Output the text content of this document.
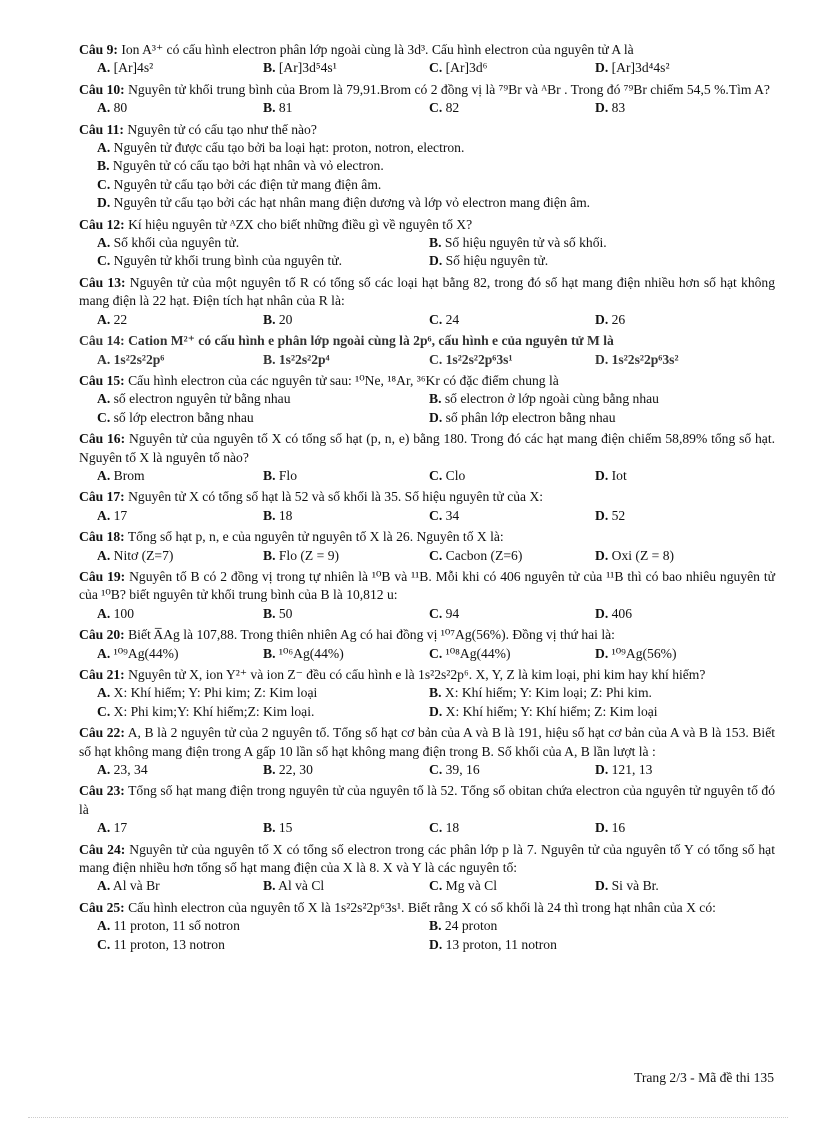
Câu 9: Ion A³⁺ có cấu hình electron phân lớp ngoài cùng là 3d³. Cấu hình electron của nguyên tử A là
A. [Ar]4s²	B. [Ar]3d⁵4s¹	C. [Ar]3d⁶	D. [Ar]3d⁴4s²
Câu 10: Nguyên tử khối trung bình của Brom là 79,91.Brom có 2 đồng vị là ⁷⁹Br và ᴬBr . Trong đó ⁷⁹Br chiếm 54,5 %.Tìm A?
A. 80	B. 81	C. 82	D. 83
Câu 11: Nguyên tử có cấu tạo như thế nào?
A. Nguyên tử được cấu tạo bởi ba loại hạt: proton, notron, electron.
B. Nguyên tử có cấu tạo bởi hạt nhân và vỏ electron.
C. Nguyên tử cấu tạo bởi các điện tử mang điện âm.
D. Nguyên tử cấu tạo bởi các hạt nhân mang điện dương và lớp vỏ electron mang điện âm.
Câu 12: Kí hiệu nguyên tử ᴬZX cho biết những điều gì về nguyên tố X?
A. Số khối của nguyên tử.	B. Số hiệu nguyên tử và số khối.
C. Nguyên tử khối trung bình của nguyên tử.	D. Số hiệu nguyên tử.
Câu 13: Nguyên tử của một nguyên tố R có tổng số các loại hạt bằng 82, trong đó số hạt mang điện nhiều hơn số hạt không mang điện là 22 hạt. Điện tích hạt nhân của R là:
A. 22	B. 20	C. 24	D. 26
Câu 14: Cation M²⁺ có cấu hình e phân lớp ngoài cùng là 2p⁶, cấu hình e của nguyên tử M là
A. 1s²2s²2p⁶	B. 1s²2s²2p⁴	C. 1s²2s²2p⁶3s¹	D. 1s²2s²2p⁶3s²
Câu 15: Cấu hình electron của các nguyên tử sau: ¹⁰Ne, ¹⁸Ar, ³⁶Kr có đặc điểm chung là
A. số electron nguyên tử bằng nhau	B. số electron ở lớp ngoài cùng bằng nhau
C. số lớp electron bằng nhau	D. số phân lớp electron bằng nhau
Câu 16: Nguyên tử của nguyên tố X có tổng số hạt (p, n, e) bằng 180. Trong đó các hạt mang điện chiếm 58,89% tổng số hạt. Nguyên tố X là nguyên tố nào?
A. Brom	B. Flo	C. Clo	D. Iot
Câu 17: Nguyên tử X có tổng số hạt là 52 và số khối là 35. Số hiệu nguyên tử của X:
A. 17	B. 18	C. 34	D. 52
Câu 18: Tổng số hạt p, n, e của nguyên tử nguyên tố X là 26. Nguyên tố X là:
A. Nitơ (Z=7)	B. Flo (Z = 9)	C. Cacbon (Z=6)	D. Oxi (Z = 8)
Câu 19: Nguyên tố B có 2 đồng vị trong tự nhiên là ¹⁰B và ¹¹B. Mỗi khi có 406 nguyên tử của ¹¹B thì có bao nhiêu nguyên tử của ¹⁰B? biết nguyên tử khối trung bình của B là 10,812 u:
A. 100	B. 50	C. 94	D. 406
Câu 20: Biết A̅Ag là 107,88. Trong thiên nhiên Ag có hai đồng vị ¹⁰⁷Ag(56%). Đồng vị thứ hai là:
A. ¹⁰⁹Ag(44%)	B. ¹⁰⁶Ag(44%)	C. ¹⁰⁸Ag(44%)	D. ¹⁰⁹Ag(56%)
Câu 21: Nguyên tử X, ion Y²⁺ và ion Z⁻ đều có cấu hình e là 1s²2s²2p⁶. X, Y, Z là kim loại, phi kim hay khí hiếm?
A. X: Khí hiếm; Y: Phi kim; Z: Kim loại	B. X: Khí hiếm; Y: Kim loại; Z: Phi kim.
C. X: Phi kim;Y: Khí hiếm;Z: Kim loại.	D. X: Khí hiếm; Y: Khí hiếm; Z: Kim loại
Câu 22: A, B là 2 nguyên tử của 2 nguyên tố. Tổng số hạt cơ bản của A và B là 191, hiệu số hạt cơ bản của A và B là 153. Biết số hạt không mang điện trong A gấp 10 lần số hạt không mang điện trong B. Số khối của A, B lần lượt là :
A. 23, 34	B. 22, 30	C. 39, 16	D. 121, 13
Câu 23: Tổng số hạt mang điện trong nguyên tử của nguyên tố là 52. Tổng số obitan chứa electron của nguyên tử nguyên tố đó là
A. 17	B. 15	C. 18	D. 16
Câu 24: Nguyên tử của nguyên tố X có tổng số electron trong các phân lớp p là 7. Nguyên tử của nguyên tố Y có tổng số hạt mang điện nhiều hơn tổng số hạt mang điện của X là 8. X và Y là các nguyên tố:
A. Al và Br	B. Al và Cl	C. Mg và Cl	D. Si và Br.
Câu 25: Cấu hình electron của nguyên tố X là 1s²2s²2p⁶3s¹. Biết rằng X có số khối là 24 thì trong hạt nhân của X có:
A. 11 proton, 11 số notron	B. 24 proton
C. 11 proton, 13 notron	D. 13 proton, 11 notron
Trang 2/3 - Mã đề thi 135
